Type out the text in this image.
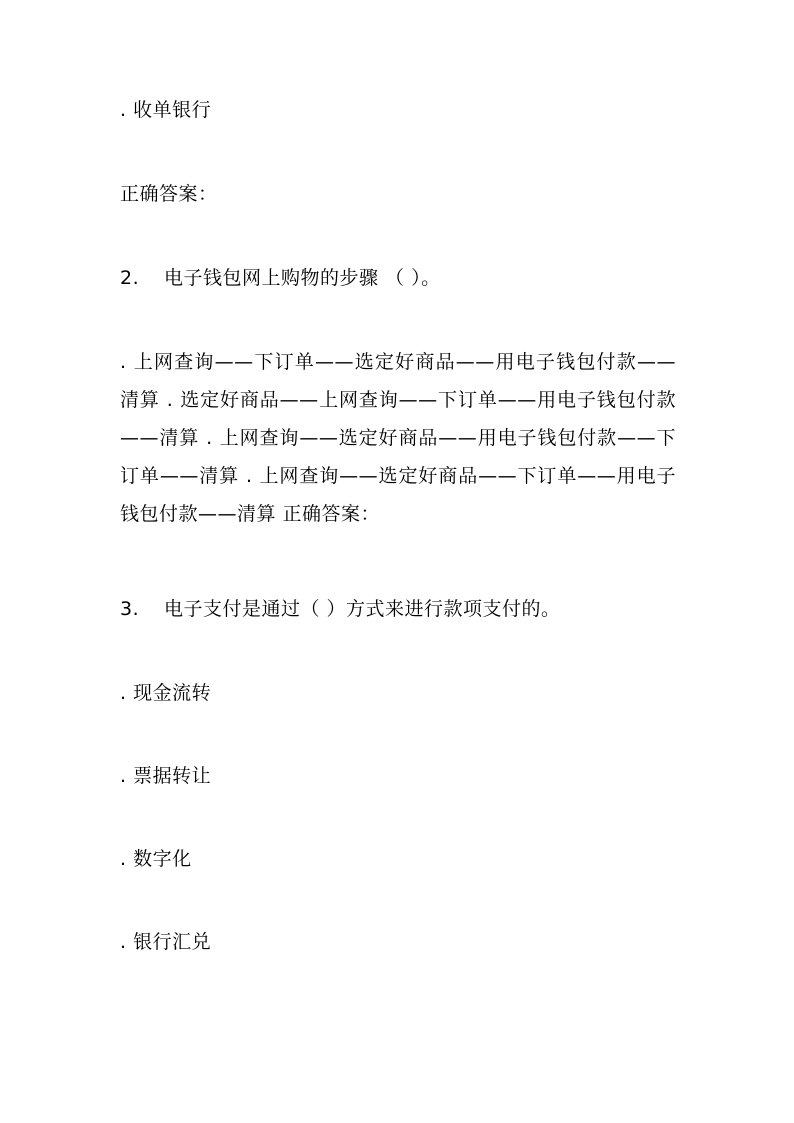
. 收单银行
正确答案：
2. 电子钱包网上购物的步骤 （ ）。
. 上网查询——下订单——选定好商品——用电子钱包付款——清算 . 选定好商品——上网查询——下订单——用电子钱包付款——清算 . 上网查询——选定好商品——用电子钱包付款——下订单——清算 . 上网查询——选定好商品——下订单——用电子钱包付款——清算 正确答案：
3. 电子支付是通过（ ）方式来进行款项支付的。
. 现金流转
. 票据转让
. 数字化
. 银行汇兑
